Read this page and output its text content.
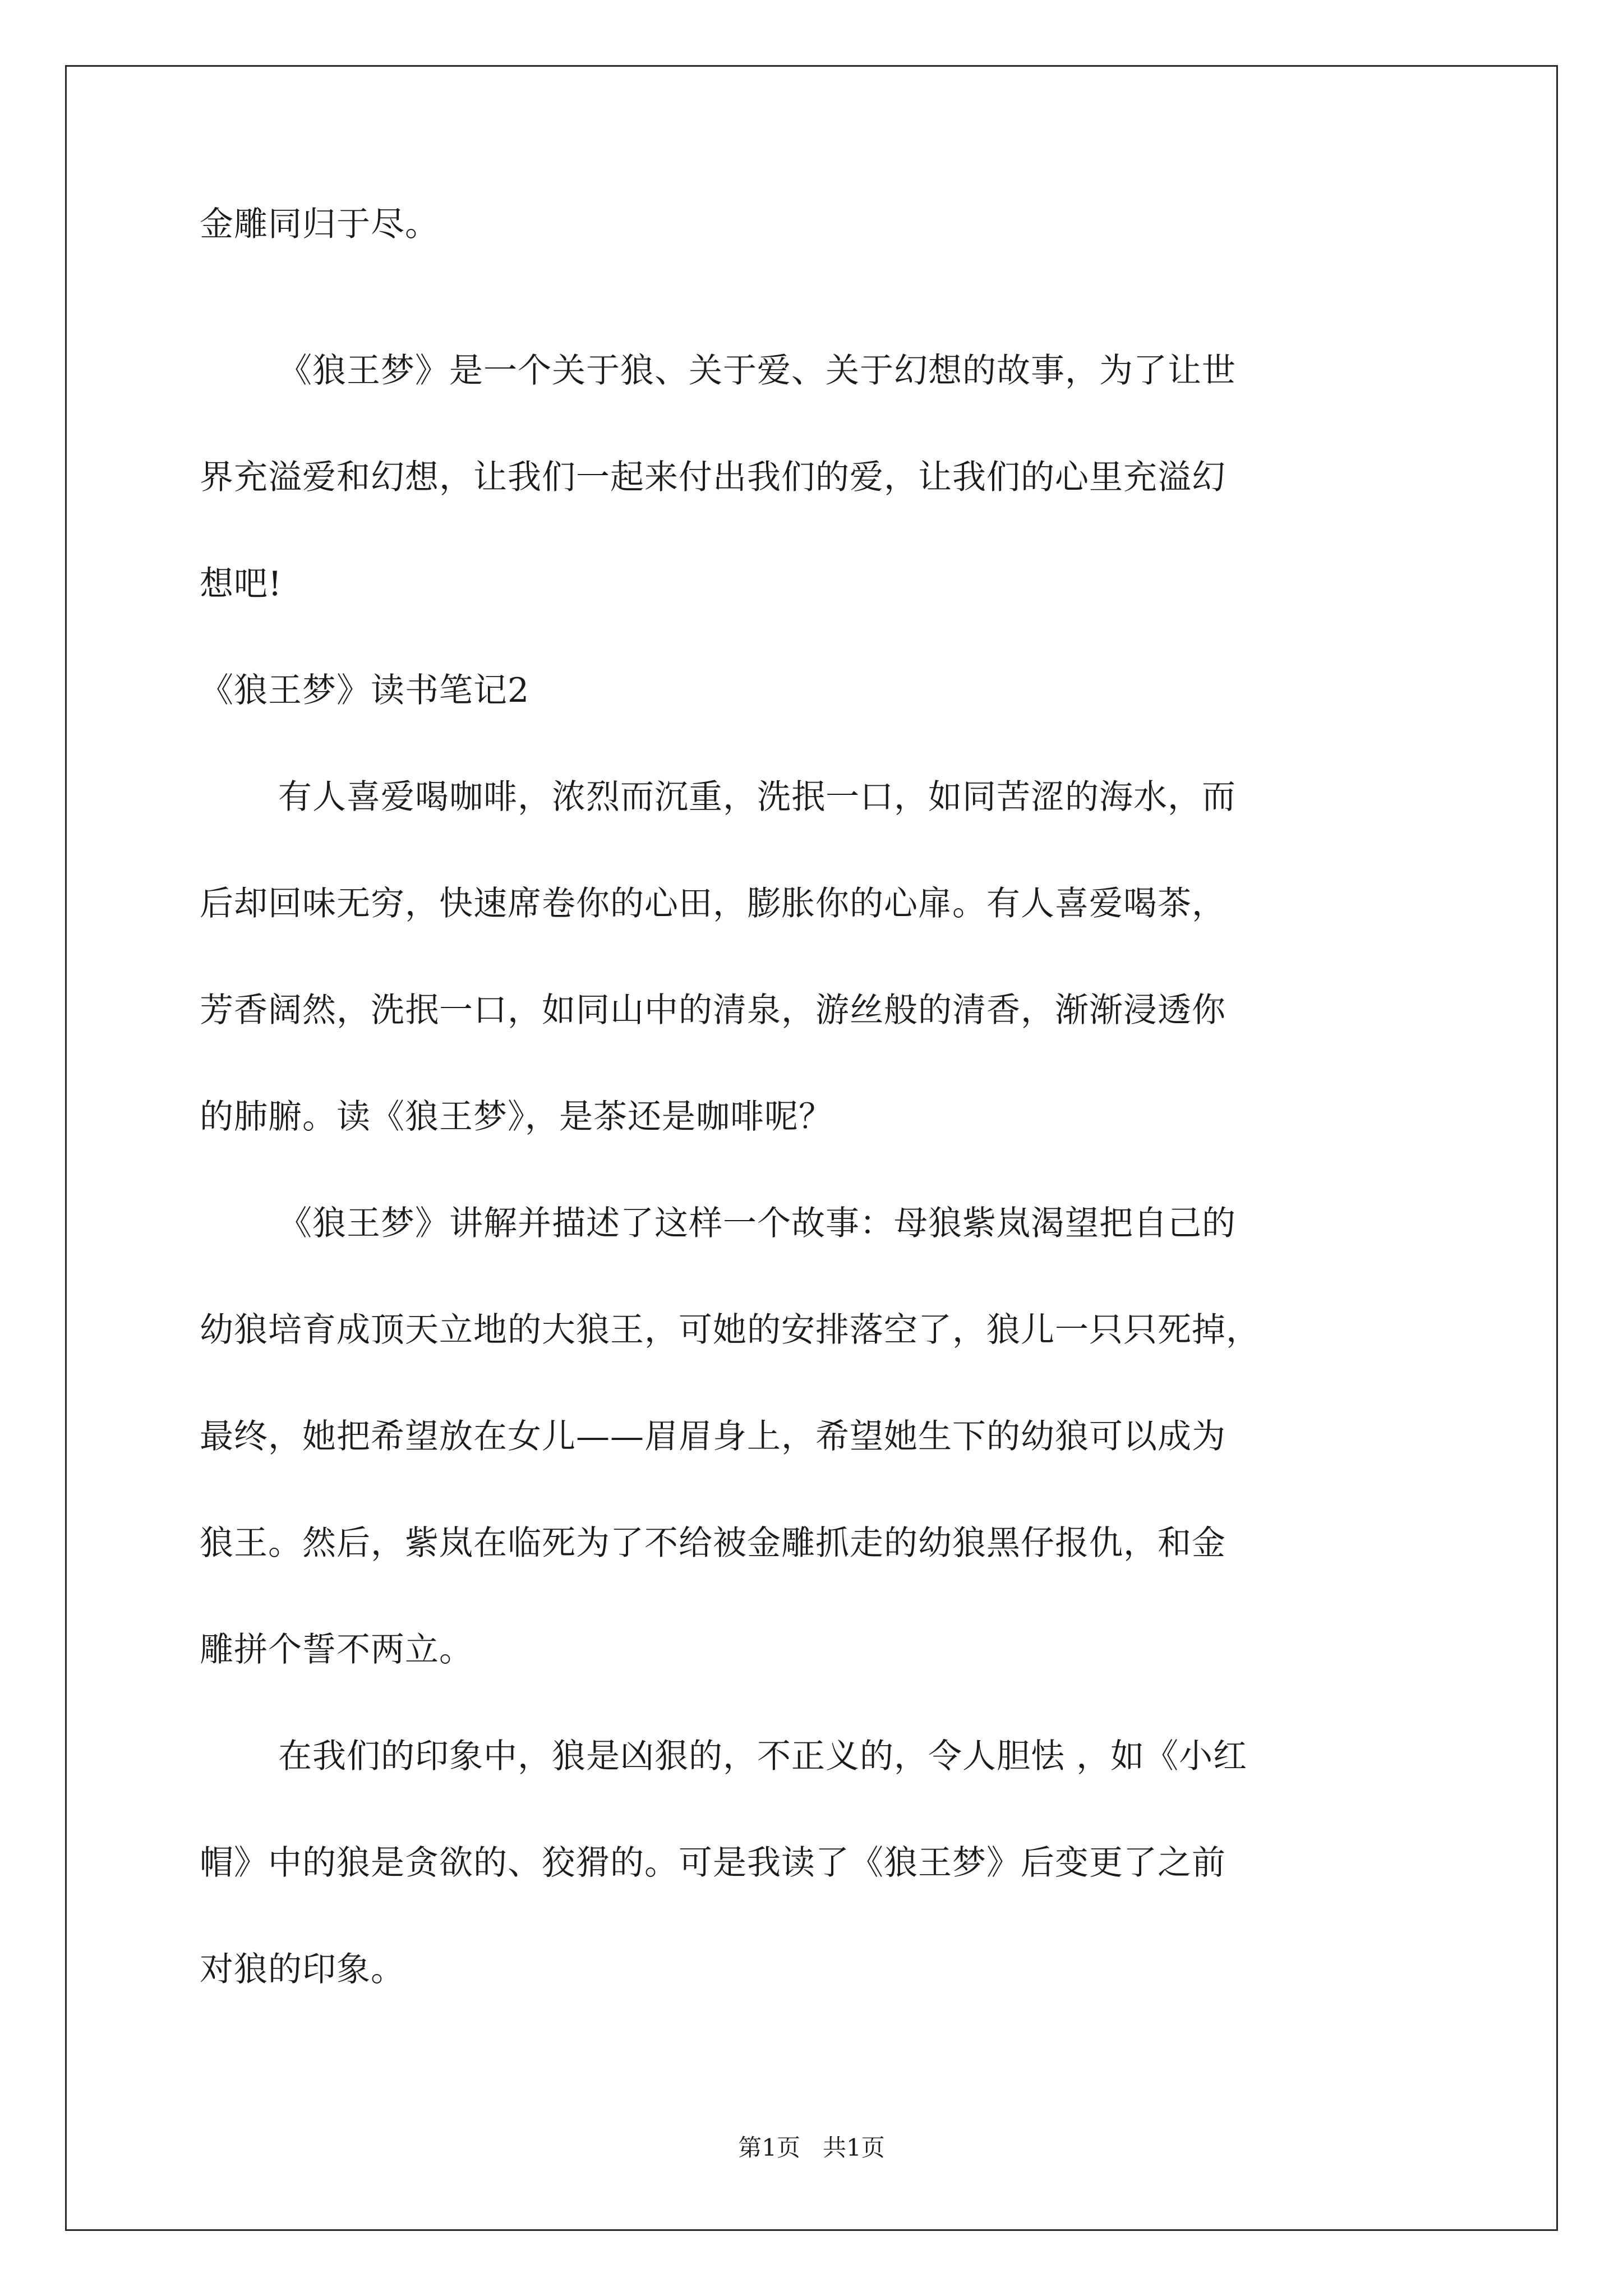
金雕同归于尽。

《狼王梦》是一个关于狼、关于爱、关于幻想的故事，为了让世

界充溢爱和幻想，让我们一起来付出我们的爱，让我们的心里充溢幻

想吧!

《狼王梦》读书笔记2

有人喜爱喝咖啡，浓烈而沉重，洗抿一口，如同苦涩的海水，而

后却回味无穷，快速席卷你的心田，膨胀你的心扉。有人喜爱喝茶，

芳香阔然，洗抿一口，如同山中的清泉，游丝般的清香，渐渐浸透你

的肺腑。读《狼王梦》，是茶还是咖啡呢？

《狼王梦》讲解并描述了这样一个故事：母狼紫岚渴望把自己的

幼狼培育成顶天立地的大狼王，可她的安排落空了，狼儿一只只死掉，

最终，她把希望放在女儿——眉眉身上，希望她生下的幼狼可以成为

狼王。然后，紫岚在临死为了不给被金雕抓走的幼狼黑仔报仇，和金

雕拼个誓不两立。

在我们的印象中，狼是凶狠的，不正义的，令人胆怯 ，如《小红

帽》中的狼是贪欲的、狡猾的。可是我读了《狼王梦》后变更了之前

对狼的印象。

第1页   共1页
